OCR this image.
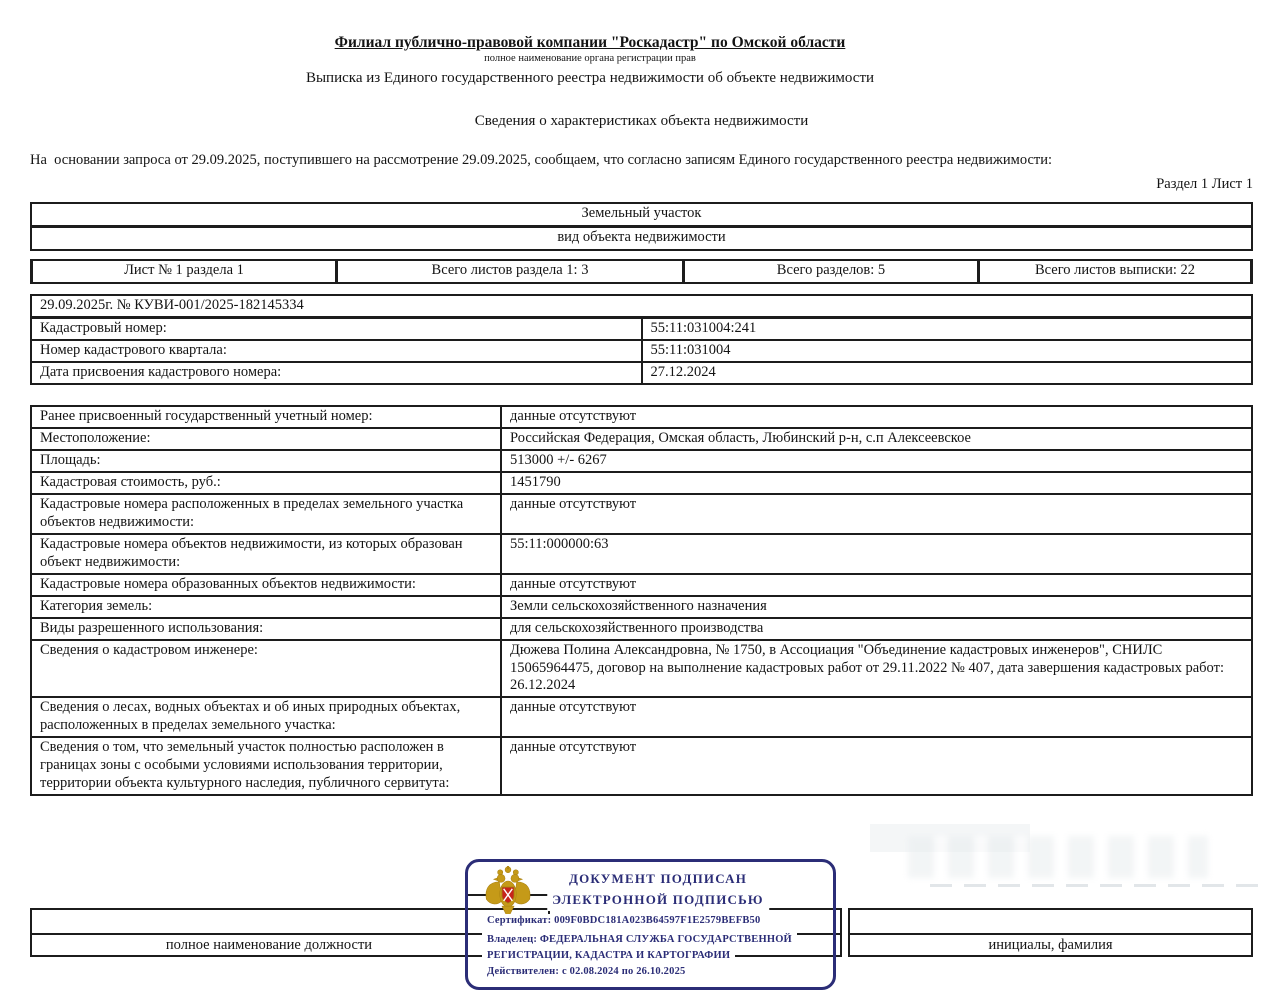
Филиал публично-правовой компании "Роскадастр" по Омской области
полное наименование органа регистрации прав
Выписка из Единого государственного реестра недвижимости об объекте недвижимости
Сведения о характеристиках объекта недвижимости
На  основании запроса от 29.09.2025, поступившего на рассмотрение 29.09.2025, сообщаем, что согласно записям Единого государственного реестра недвижимости:
Раздел 1 Лист 1
Земельный участок
вид объекта недвижимости
Лист № 1 раздела 1	Всего листов раздела 1: 3	Всего разделов: 5	Всего листов выписки: 22
29.09.2025г. № КУВИ-001/2025-182145334	
Кадастровый номер:	55:11:031004:241
Номер кадастрового квартала:	55:11:031004
Дата присвоения кадастрового номера:	27.12.2024
Ранее присвоенный государственный учетный номер:	данные отсутствуют
Местоположение:	Российская Федерация, Омская область, Любинский р-н, с.п Алексеевское
Площадь:	513000 +/- 6267
Кадастровая стоимость, руб.:	1451790
Кадастровые номера расположенных в пределах земельного участка объектов недвижимости:	данные отсутствуют
Кадастровые номера объектов недвижимости, из которых образован объект недвижимости:	55:11:000000:63
Кадастровые номера образованных объектов недвижимости:	данные отсутствуют
Категория земель:	Земли сельскохозяйственного назначения
Виды разрешенного использования:	для сельскохозяйственного производства
Сведения о кадастровом инженере:	Дюжева Полина Александровна, № 1750, в Ассоциация "Объединение кадастровых инженеров", СНИЛС 15065964475, договор на выполнение кадастровых работ от 29.11.2022 № 407, дата завершения кадастровых работ: 26.12.2024
Сведения о лесах, водных объектах и об иных природных объектах, расположенных в пределах земельного участка:	данные отсутствуют
Сведения о том, что земельный участок полностью расположен в границах зоны с особыми условиями использования территории, территории объекта культурного наследия, публичного сервитута:	данные отсутствуют
полное наименование должности	инициалы, фамилия
ДОКУМЕНТ ПОДПИСАН
ЭЛЕКТРОННОЙ ПОДПИСЬЮ
Сертификат: 009F0BDC181A023B64597F1E2579BEFB50
Владелец: ФЕДЕРАЛЬНАЯ СЛУЖБА ГОСУДАРСТВЕННОЙ
РЕГИСТРАЦИИ, КАДАСТРА И КАРТОГРАФИИ
Действителен: с 02.08.2024 по 26.10.2025
